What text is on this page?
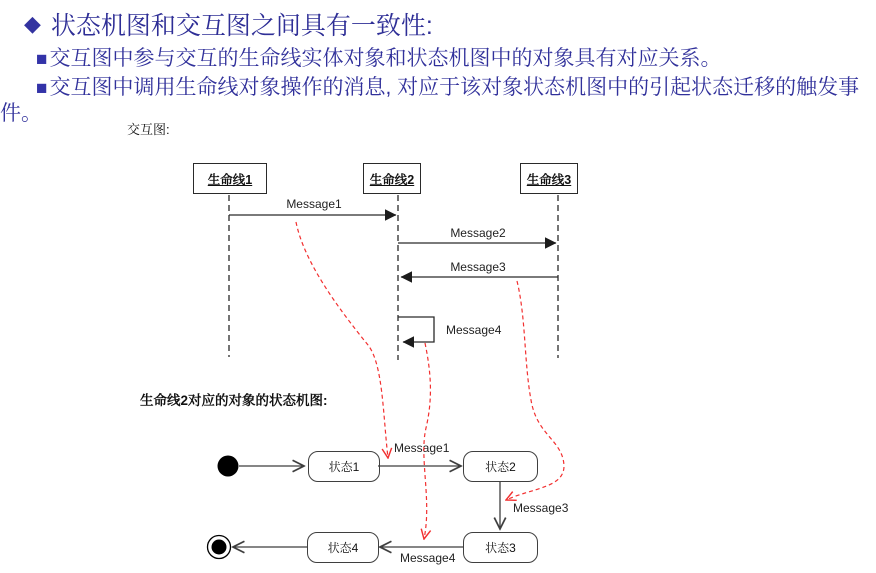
◆ 状态机图和交互图之间具有一致性:

■交互图中参与交互的生命线实体对象和状态机图中的对象具有对应关系。

■交互图中调用生命线对象操作的消息, 对应于该对象状态机图中的引起状态迁移的触发事件。

交互图:
生命线1	生命线2	生命线3
Message1
Message2
Message3
Message4
生命线2对应的对象的状态机图:
状态1	状态2
状态3
状态4
Message1
Message3
Message4
